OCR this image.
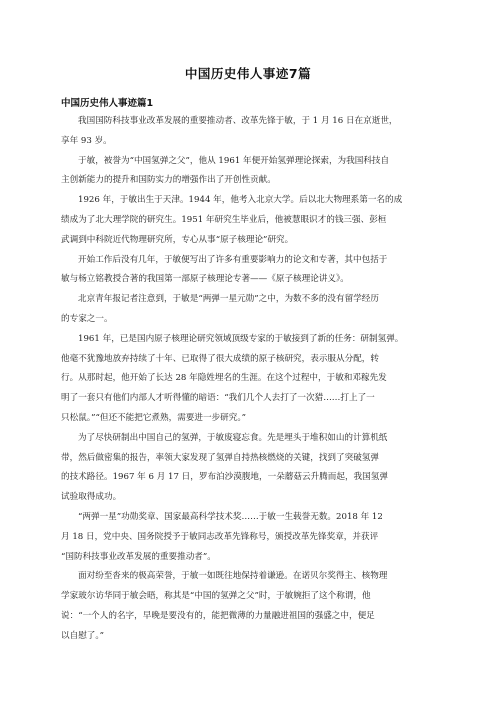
中国历史伟人事迹7篇
中国历史伟人事迹篇1
我国国防科技事业改革发展的重要推动者、改革先锋于敏，于 1 月 16 日在京逝世，
享年 93 岁。
于敏，被誉为“中国氢弹之父”，他从 1961 年便开始氢弹理论探索，为我国科技自
主创新能力的提升和国防实力的增强作出了开创性贡献。
1926 年，于敏出生于天津。1944 年，他考入北京大学。后以北大物理系第一名的成
绩成为了北大理学院的研究生。1951 年研究生毕业后，他被慧眼识才的钱三强、彭桓
武调到中科院近代物理研究所，专心从事“原子核理论”研究。
开始工作后没有几年，于敏便写出了许多有重要影响力的论文和专著，其中包括于
敏与杨立铭教授合著的我国第一部原子核理论专著——《原子核理论讲义》。
北京青年报记者注意到，于敏是“两弹一星元勋”之中，为数不多的没有留学经历
的专家之一。
1961 年，已是国内原子核理论研究领域顶级专家的于敏接到了新的任务：研制氢弹。
他毫不犹豫地放弃持续了十年、已取得了很大成绩的原子核研究，表示服从分配，转
行。从那时起，他开始了长达 28 年隐姓埋名的生涯。在这个过程中，于敏和邓稼先发
明了一套只有他们内部人才听得懂的暗语：“我们几个人去打了一次猎……打上了一
只松鼠。”“但还不能把它煮熟，需要进一步研究。”
为了尽快研制出中国自己的氢弹，于敏废寝忘食。先是埋头于堆积如山的计算机纸
带，然后做密集的报告，率领大家发现了氢弹自持热核燃烧的关键，找到了突破氢弹
的技术路径。1967 年 6 月 17 日，罗布泊沙漠腹地，一朵蘑菇云升腾而起，我国氢弹
试验取得成功。
“两弹一星”功勋奖章、国家最高科学技术奖……于敏一生载誉无数。2018 年 12
月 18 日，党中央、国务院授予于敏同志改革先锋称号，颁授改革先锋奖章，并获评
“国防科技事业改革发展的重要推动者”。
面对纷至沓来的极高荣誉，于敏一如既往地保持着谦逊。在诺贝尔奖得主、核物理
学家玻尔访华同于敏会晤，称其是“中国的氢弹之父”时，于敏婉拒了这个称谓，他
说：“一个人的名字，早晚是要没有的，能把微薄的力量融进祖国的强盛之中，便足
以自慰了。”
